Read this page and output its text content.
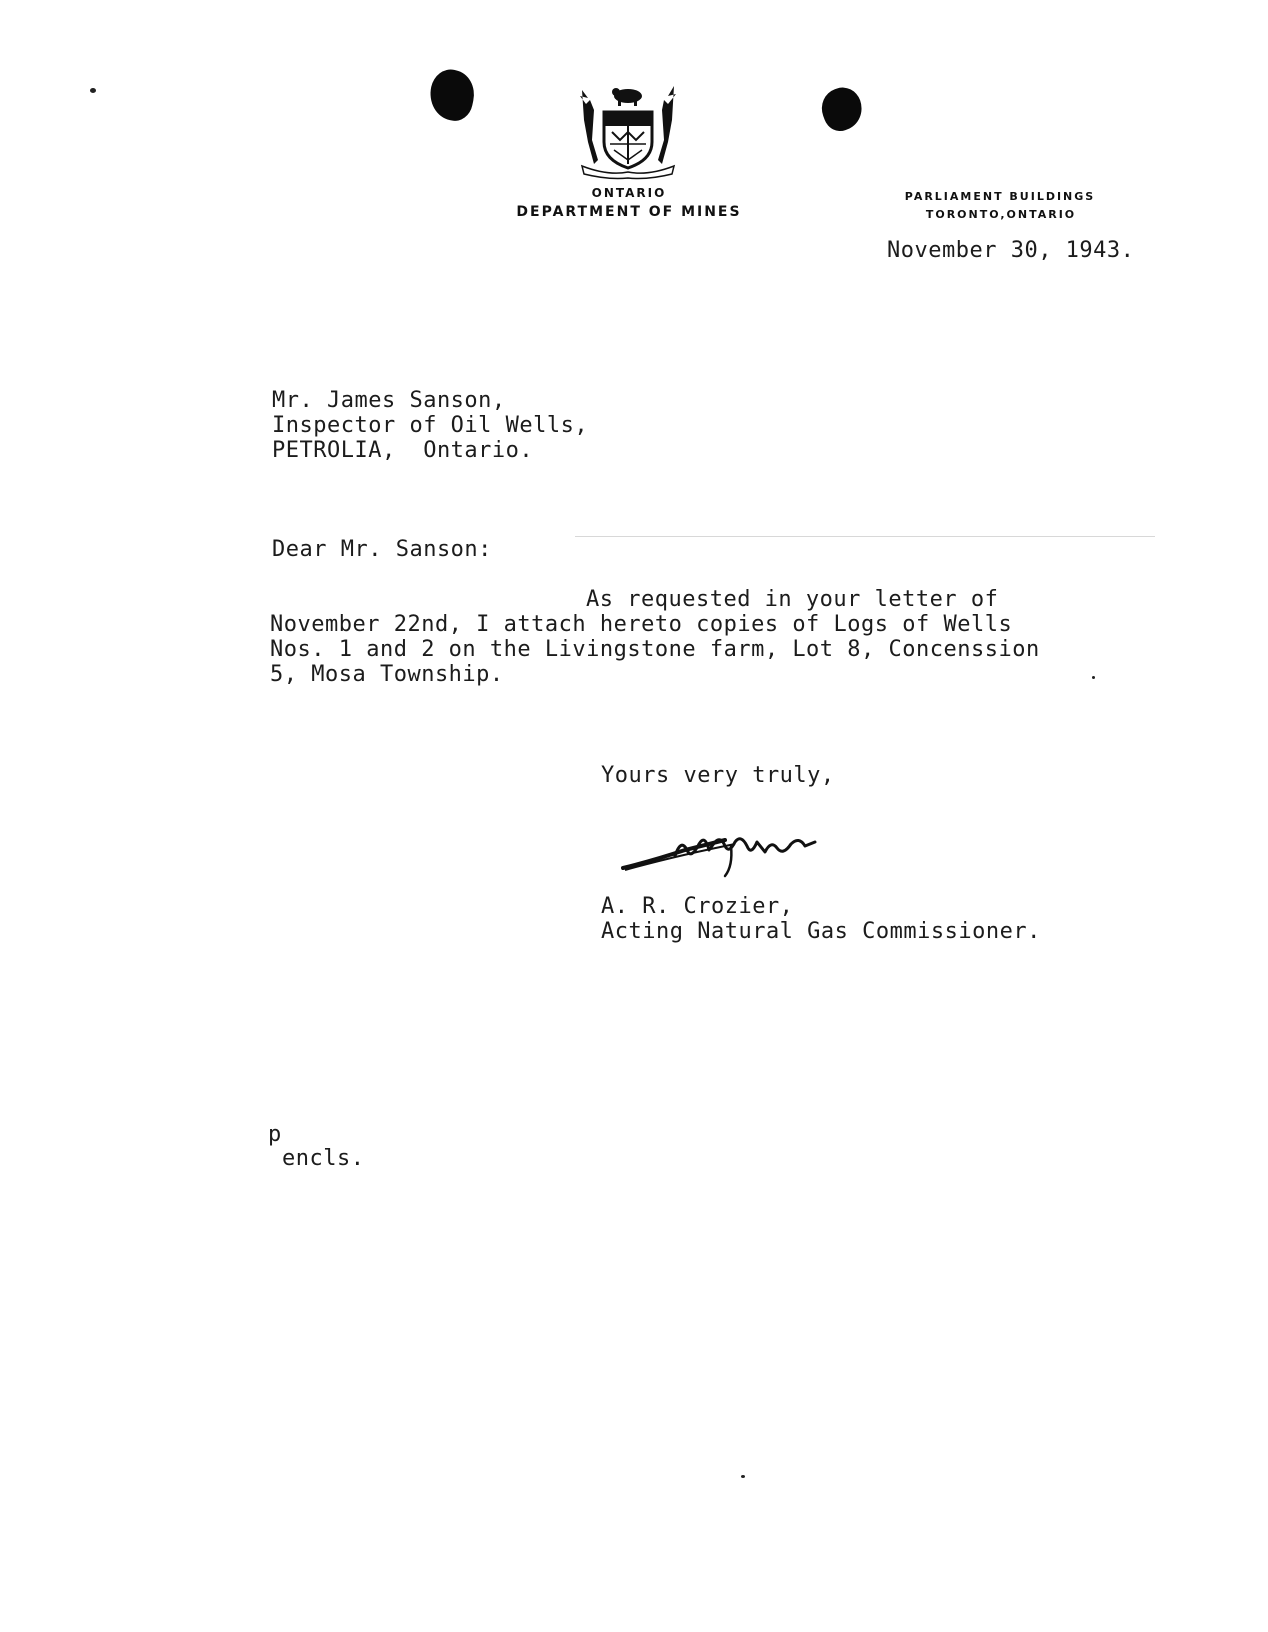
ONTARIO
DEPARTMENT OF MINES
PARLIAMENT BUILDINGS
TORONTO,ONTARIO
November 30, 1943.
Mr. James Sanson,
Inspector of Oil Wells,
PETROLIA,  Ontario.
Dear Mr. Sanson:
As requested in your letter of
November 22nd, I attach hereto copies of Logs of Wells
Nos. 1 and 2 on the Livingstone farm, Lot 8, Concenssion
5, Mosa Township.
Yours very truly,
A. R. Crozier,
Acting Natural Gas Commissioner.
p
encls.
